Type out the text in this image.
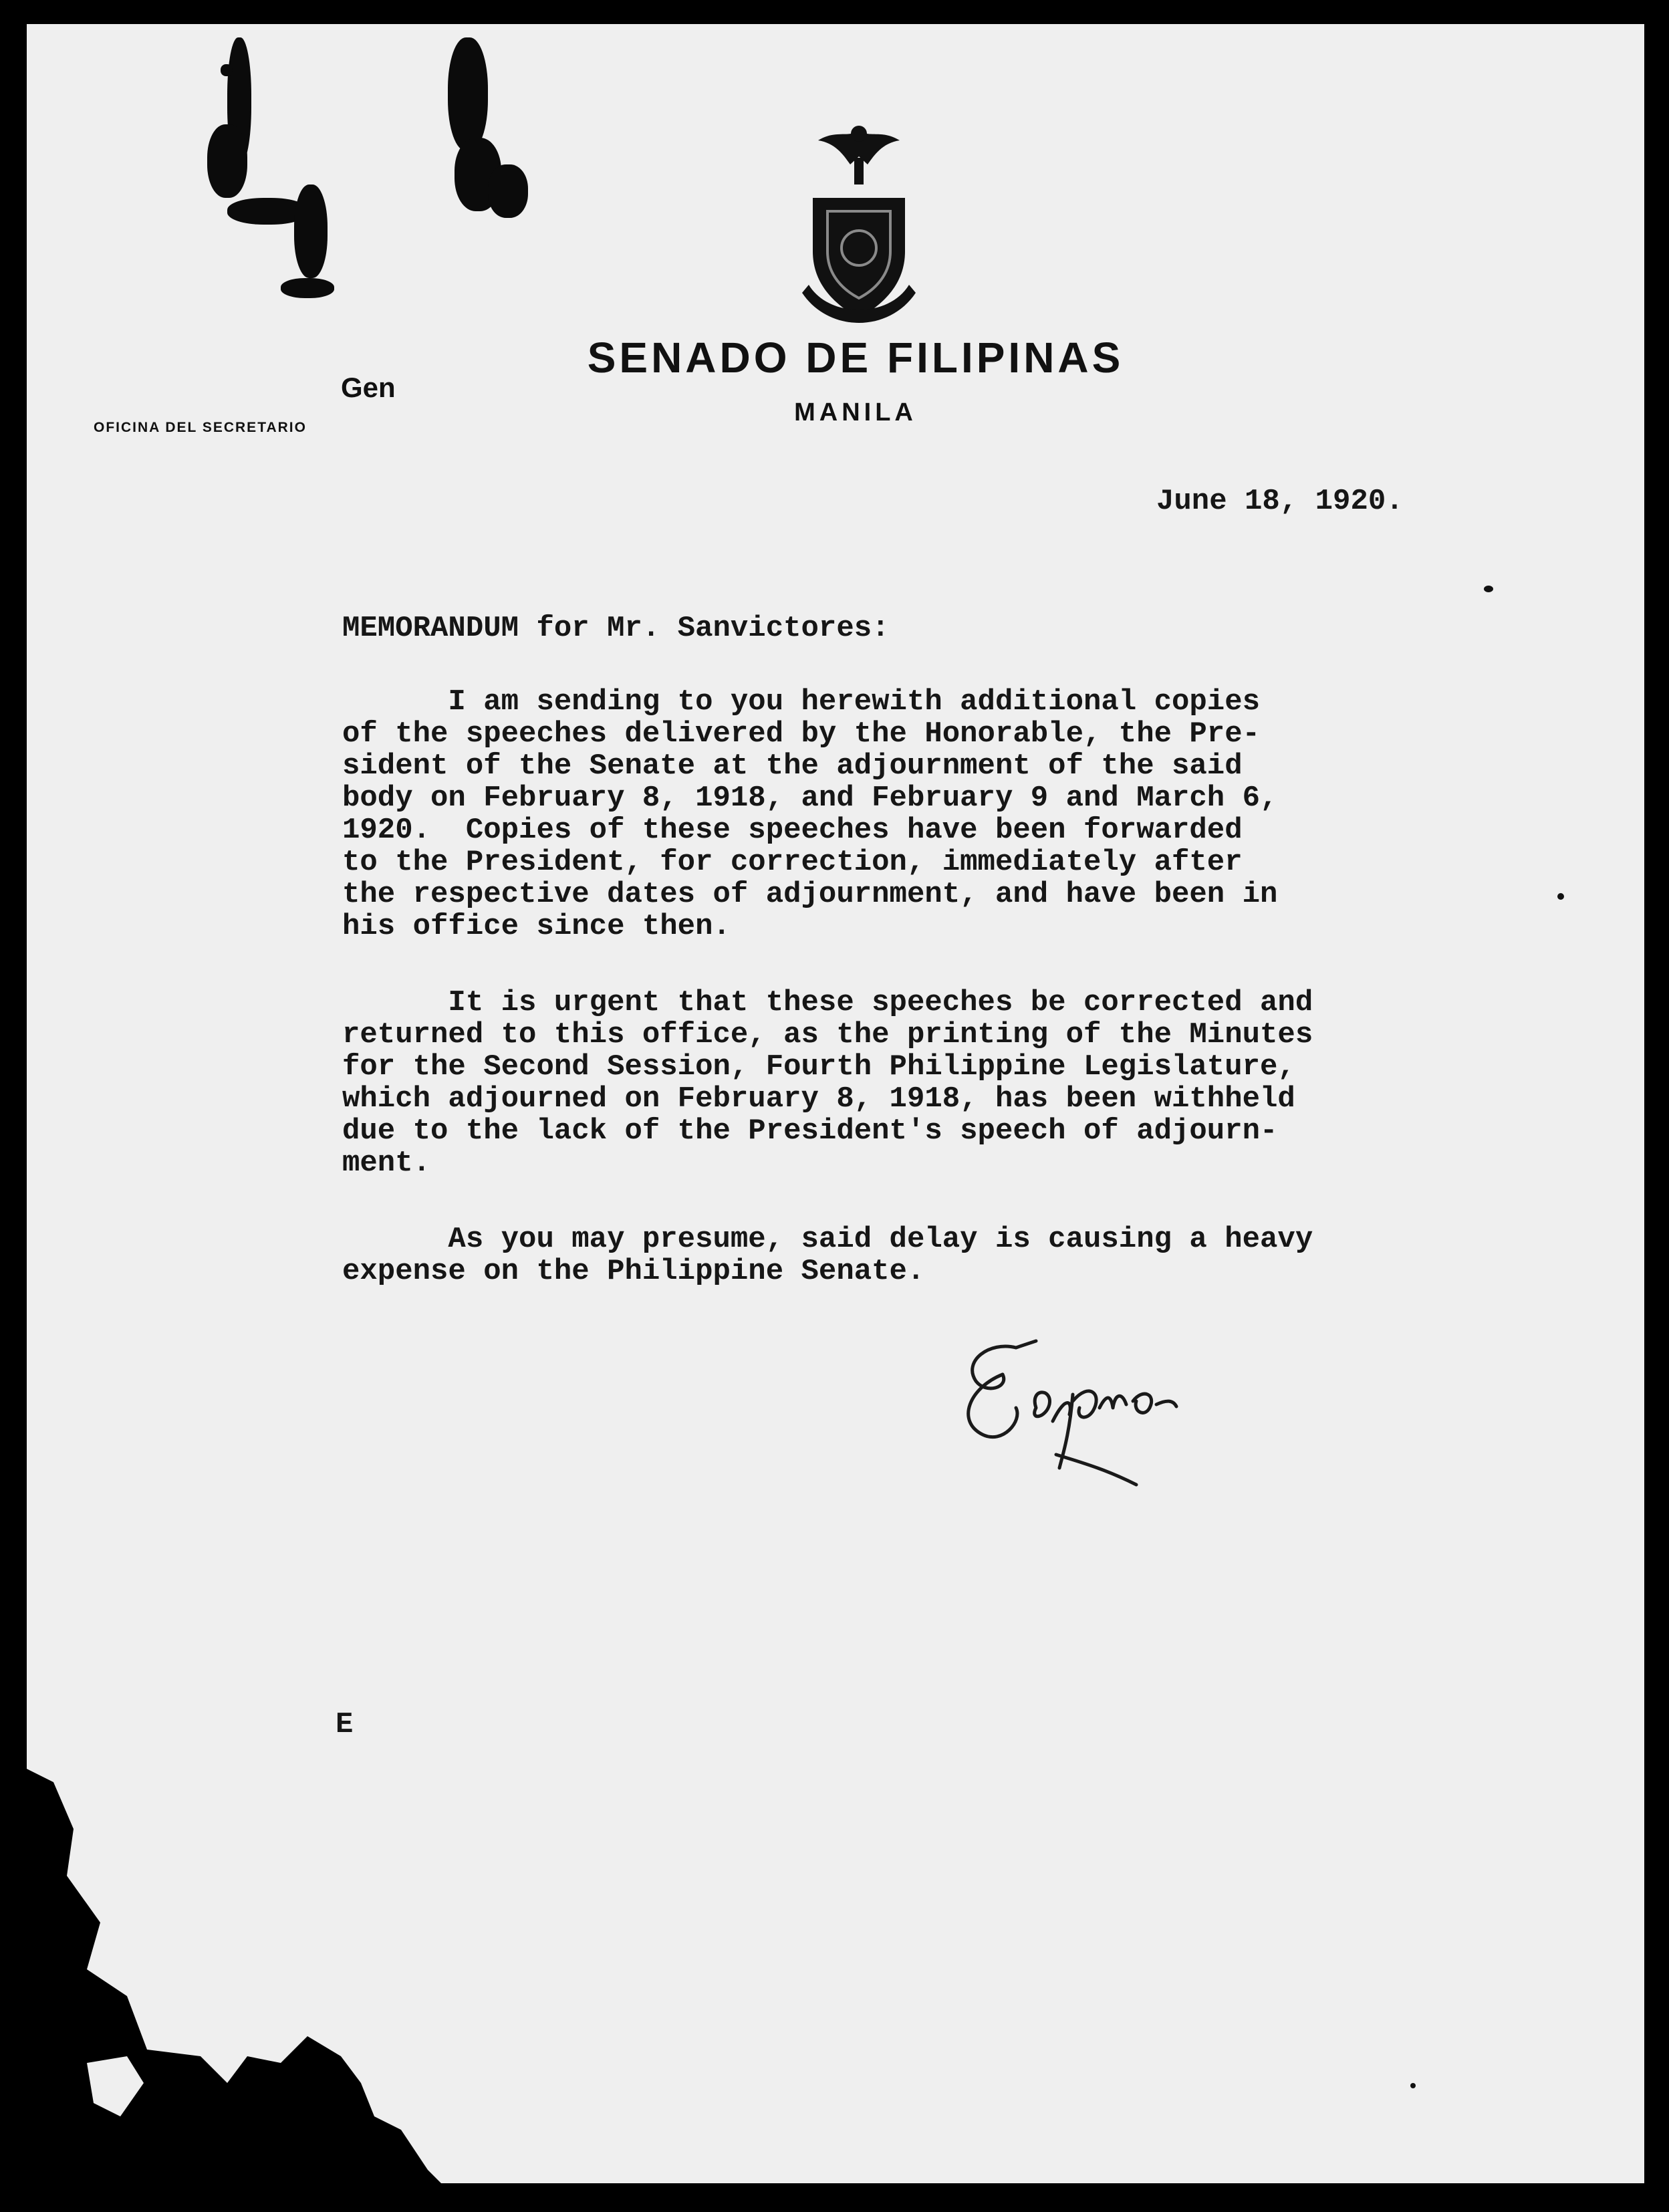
SENADO DE FILIPINAS
MANILA
Gen
OFICINA DEL SECRETARIO
June 18, 1920.
MEMORANDUM for Mr. Sanvictores:

I am sending to you herewith additional copies
of the speeches delivered by the Honorable, the Pre-
sident of the Senate at the adjournment of the said
body on February 8, 1918, and February 9 and March 6,
1920.  Copies of these speeches have been forwarded
to the President, for correction, immediately after
the respective dates of adjournment, and have been in
his office since then.

It is urgent that these speeches be corrected and
returned to this office, as the printing of the Minutes
for the Second Session, Fourth Philippine Legislature,
which adjourned on February 8, 1918, has been withheld
due to the lack of the President's speech of adjourn-
ment.

As you may presume, said delay is causing a heavy
expense on the Philippine Senate.

E
